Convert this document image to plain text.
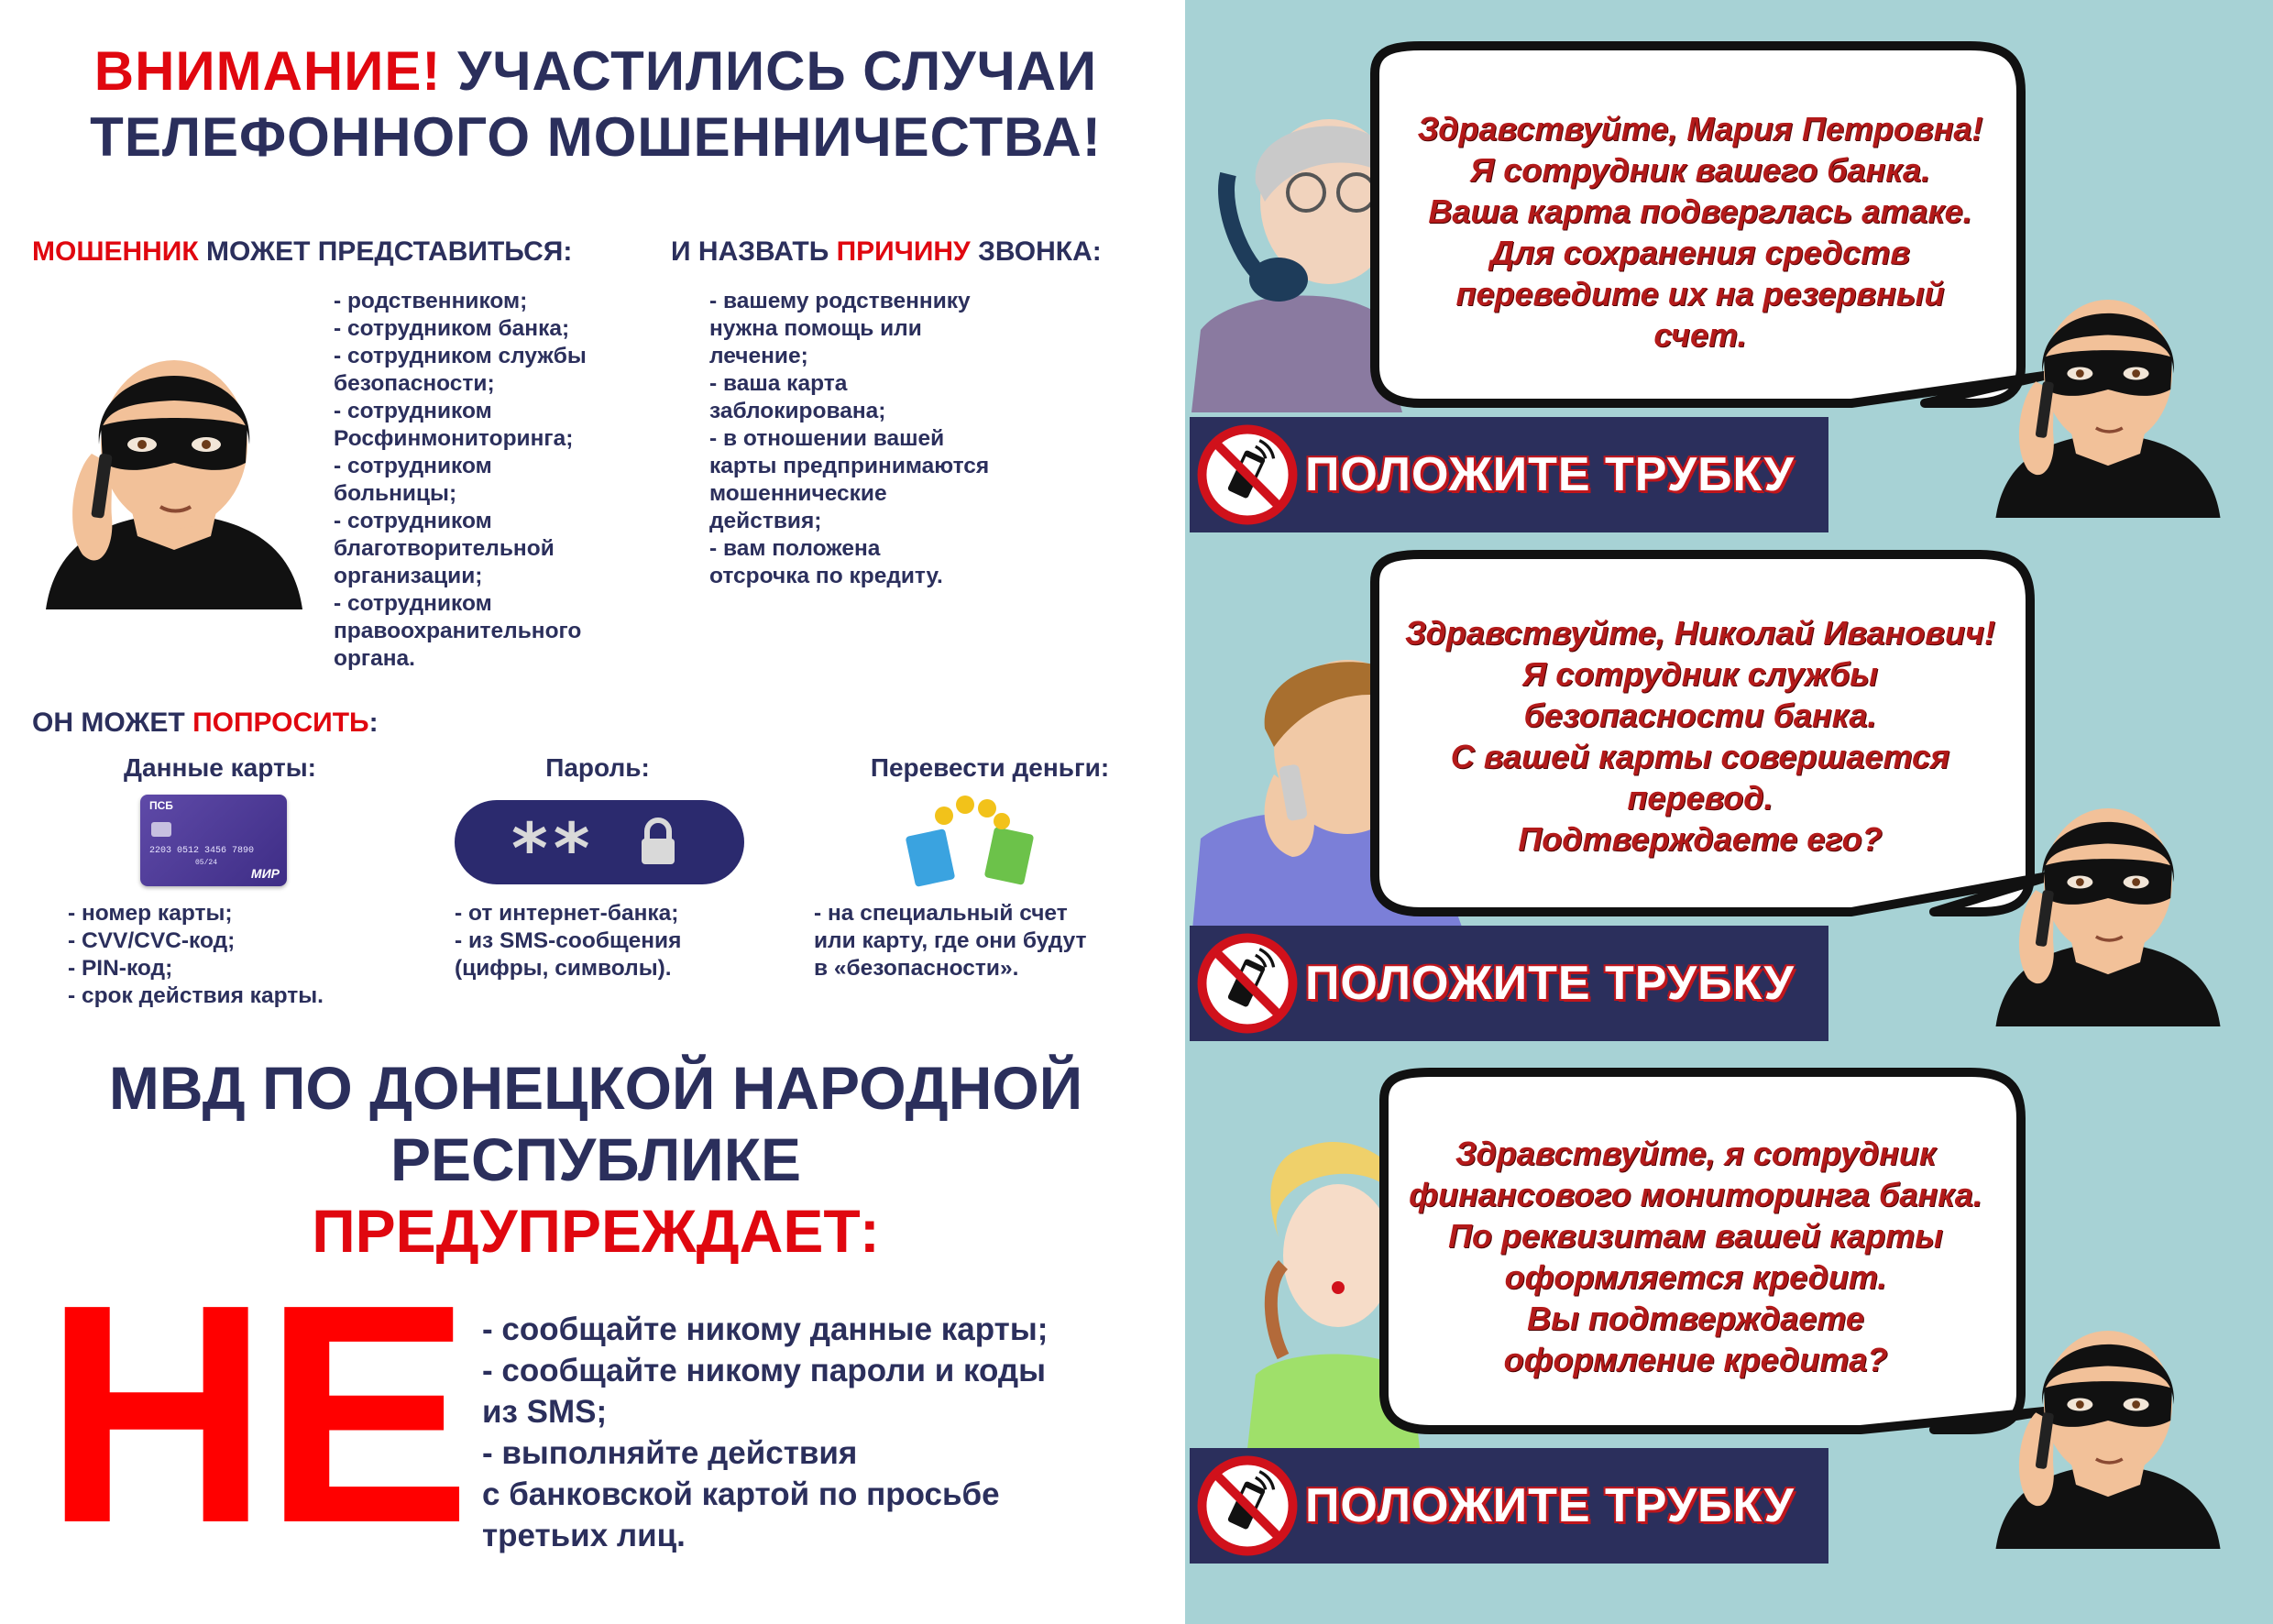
ВНИМАНИЕ! УЧАСТИЛИСЬ СЛУЧАИ
ТЕЛЕФОННОГО МОШЕННИЧЕСТВА!
МОШЕННИК МОЖЕТ ПРЕДСТАВИТЬСЯ:
- родственником;
- сотрудником банка;
- сотрудником службы
безопасности;
- сотрудником
Росфинмониторинга;
- сотрудником
больницы;
- сотрудником
благотворительной
организации;
- сотрудником
правоохранительного
органа.
И НАЗВАТЬ ПРИЧИНУ ЗВОНКА:
- вашему родственнику
нужна помощь или
лечение;
- ваша карта
заблокирована;
- в отношении вашей
карты предпринимаются
мошеннические
действия;
- вам положена
отсрочка по кредиту.
ОН МОЖЕТ ПОПРОСИТЬ:
Данные карты:	Пароль:	Перевести деньги:
ПСБ
2203 0512 3456 7890
05/24
МИР	**
- номер карты;
- CVV/CVC-код;
- PIN-код;
- срок действия карты.
- от интернет-банка;
- из SMS-сообщения
(цифры, символы).
- на специальный счет
или карту, где они будут
в «безопасности».
МВД ПО ДОНЕЦКОЙ НАРОДНОЙ
РЕСПУБЛИКЕ
ПРЕДУПРЕЖДАЕТ:
НЕ - сообщайте никому данные карты;
- сообщайте никому пароли и коды
из SMS;
- выполняйте действия
с банковской картой по просьбе
третьих лиц.
Здравствуйте, Мария Петровна!
Я сотрудник вашего банка.
Ваша карта подверглась атаке.
Для сохранения средств
переведите их на резервный
счет.
ПОЛОЖИТЕ ТРУБКУ
Здравствуйте, Николай Иванович!
Я сотрудник службы
безопасности банка.
С вашей карты совершается
перевод.
Подтверждаете его?
ПОЛОЖИТЕ ТРУБКУ
Здравствуйте, я сотрудник
финансового мониторинга банка.
По реквизитам вашей карты
оформляется кредит.
Вы подтверждаете
оформление кредита?
ПОЛОЖИТЕ ТРУБКУ
